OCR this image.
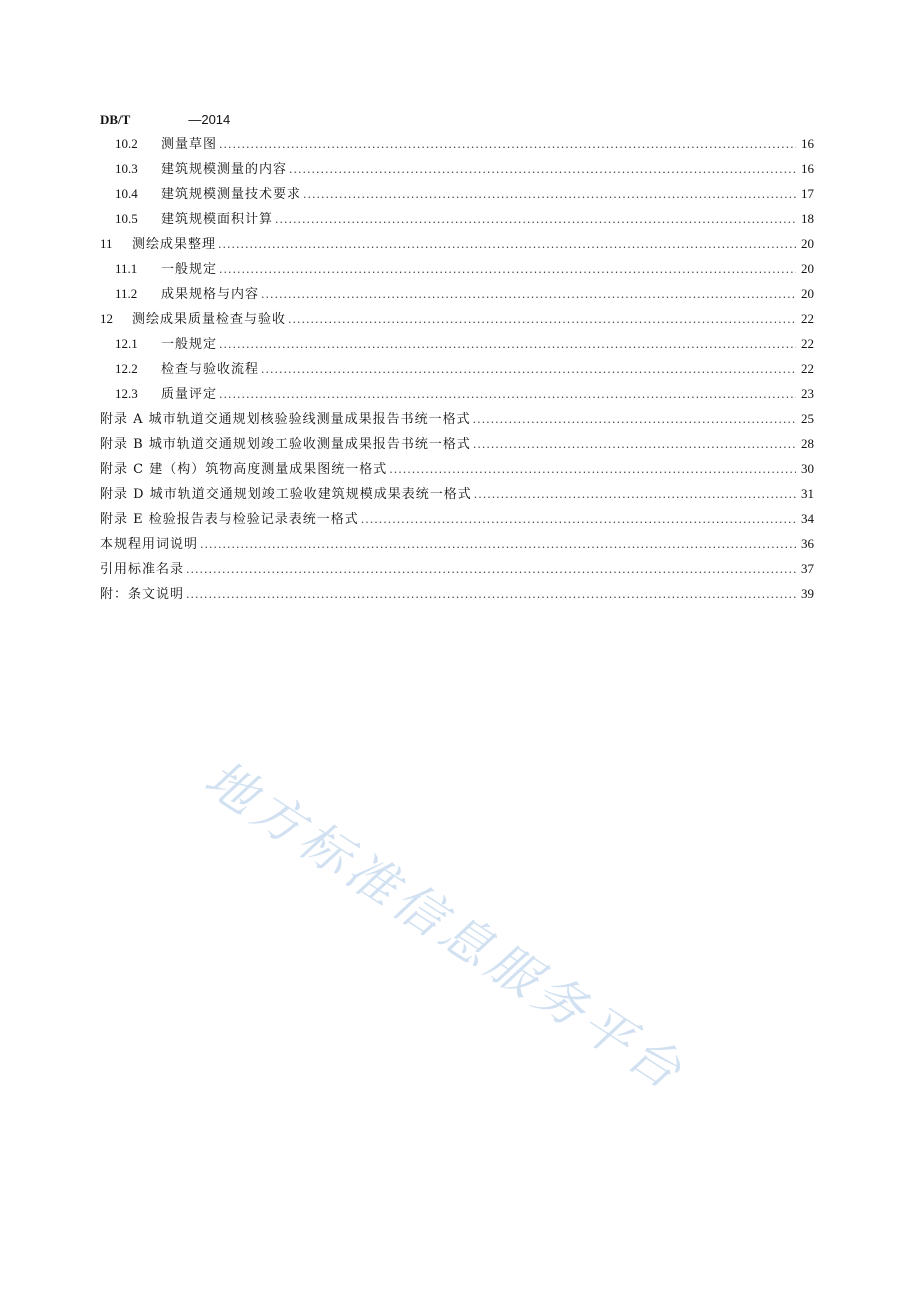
DB/T	—2014
10.2	测量草图 .....	16
10.3	建筑规模测量的内容 .....	16
10.4	建筑规模测量技术要求 .....	17
10.5	建筑规模面积计算 .....	18
11	测绘成果整理 .....	20
11.1	一般规定 .....	20
11.2	成果规格与内容 .....	20
12	测绘成果质量检查与验收 .....	22
12.1	一般规定 .....	22
12.2	检查与验收流程 .....	22
12.3	质量评定 .....	23
附录 A 城市轨道交通规划核验验线测量成果报告书统一格式 .....	25
附录 B 城市轨道交通规划竣工验收测量成果报告书统一格式 .....	28
附录 C 建（构）筑物高度测量成果图统一格式 .....	30
附录 D 城市轨道交通规划竣工验收建筑规模成果表统一格式 .....	31
附录 E 检验报告表与检验记录表统一格式 .....	34
本规程用词说明 .....	36
引用标准名录 .....	37
附：条文说明 .....	39
地方标准信息服务平台
